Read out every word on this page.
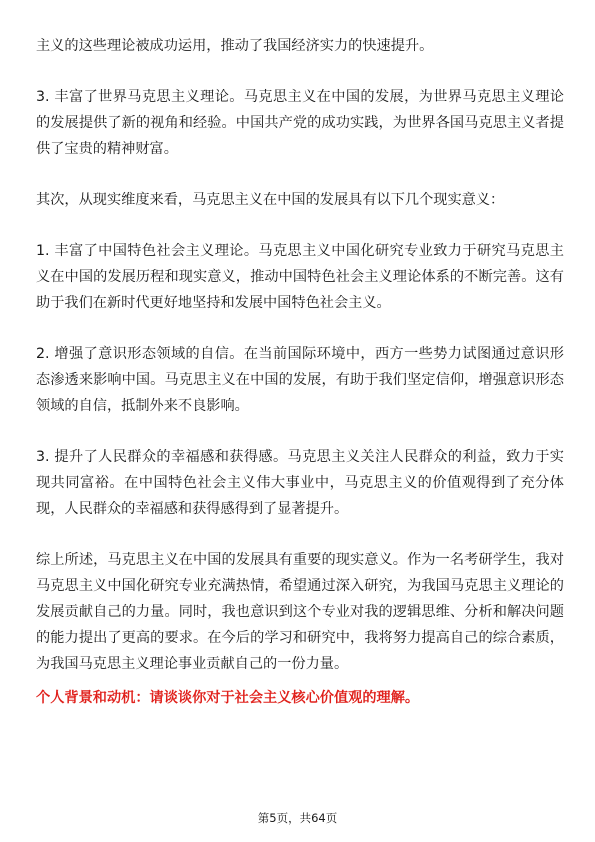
主义的这些理论被成功运用，推动了我国经济实力的快速提升。

3. 丰富了世界马克思主义理论。马克思主义在中国的发展，为世界马克思主义理论的发展提供了新的视角和经验。中国共产党的成功实践，为世界各国马克思主义者提供了宝贵的精神财富。

其次，从现实维度来看，马克思主义在中国的发展具有以下几个现实意义：

1. 丰富了中国特色社会主义理论。马克思主义中国化研究专业致力于研究马克思主义在中国的发展历程和现实意义，推动中国特色社会主义理论体系的不断完善。这有助于我们在新时代更好地坚持和发展中国特色社会主义。

2. 增强了意识形态领域的自信。在当前国际环境中，西方一些势力试图通过意识形态渗透来影响中国。马克思主义在中国的发展，有助于我们坚定信仰，增强意识形态领域的自信，抵制外来不良影响。

3. 提升了人民群众的幸福感和获得感。马克思主义关注人民群众的利益，致力于实现共同富裕。在中国特色社会主义伟大事业中，马克思主义的价值观得到了充分体现，人民群众的幸福感和获得感得到了显著提升。

综上所述，马克思主义在中国的发展具有重要的现实意义。作为一名考研学生，我对马克思主义中国化研究专业充满热情，希望通过深入研究，为我国马克思主义理论的发展贡献自己的力量。同时，我也意识到这个专业对我的逻辑思维、分析和解决问题的能力提出了更高的要求。在今后的学习和研究中，我将努力提高自己的综合素质，为我国马克思主义理论事业贡献自己的一份力量。

个人背景和动机：请谈谈你对于社会主义核心价值观的理解。

第5页，共64页
